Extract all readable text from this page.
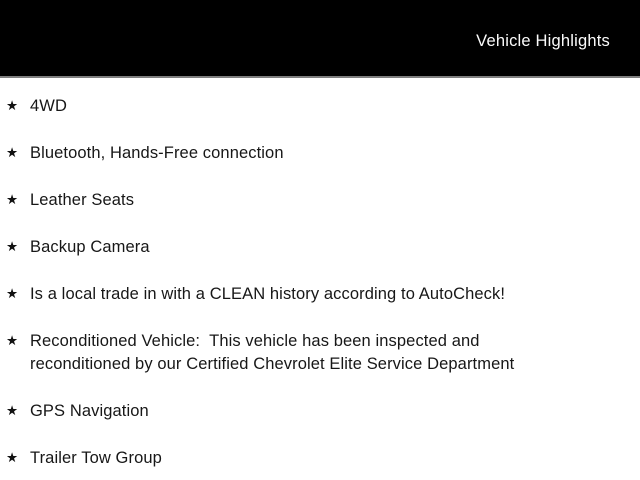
Vehicle Highlights
★ 4WD
★ Bluetooth, Hands-Free connection
★ Leather Seats
★ Backup Camera
★ Is a local trade in with a CLEAN history according to AutoCheck!
★ Reconditioned Vehicle:  This vehicle has been inspected and reconditioned by our Certified Chevrolet Elite Service Department
★ GPS Navigation
★ Trailer Tow Group
